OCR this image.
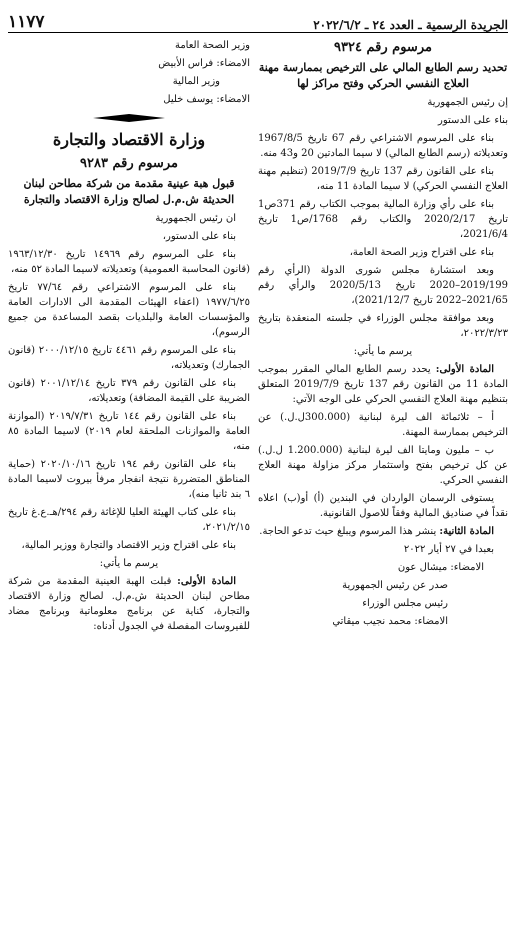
الجريدة الرسمية ـ العدد ٢٤ ـ ٢٠٢٢/٦/٢
١١٧٧

مرسوم رقم ٩٣٢٤

تحديد رسم الطابع المالي على الترخيص بممارسة مهنة العلاج النفسي الحركي وفتح مراكز لها

إن رئيس الجمهورية

بناء على الدستور

بناء على المرسوم الاشتراعي رقم 67 تاريخ 1967/8/5 وتعديلاته (رسم الطابع المالي) لا سيما المادتين 20 و43 منه.

بناء على القانون رقم 137 تاريخ 2019/7/9 (تنظيم مهنة العلاج النفسي الحركي) لا سيما المادة 11 منه،

بناء على رأي وزارة المالية بموجب الكتاب رقم 371ص1 تاريخ 2020/2/17 والكتاب رقم 1768/ص1 تاريخ 2021/6/4،

بناء على اقتراح وزير الصحة العامة،

وبعد استشارة مجلس شورى الدولة (الرأي رقم 2019/199–2020 تاريخ 2020/5/13 والرأي رقم 2021/65–2022 تاريخ 2021/12/7)،

وبعد موافقة مجلس الوزراء في جلسته المنعقدة بتاريخ ٢٠٢٢/٣/٢٣،

يرسم ما يأتي:

المادة الأولى: يحدد رسم الطابع المالي المقرر بموجب المادة 11 من القانون رقم 137 تاريخ 2019/7/9 المتعلق بتنظيم مهنة العلاج النفسي الحركي على الوجه الآتي:

أ – ثلاثمائة الف ليرة لبنانية (300.000ل.ل.) عن الترخيص بممارسة المهنة.

ب – مليون ومايتا الف ليرة لبنانية (1.200.000 ل.ل.) عن كل ترخيص بفتح واستثمار مركز مزاولة مهنة العلاج النفسي الحركي.

يستوفى الرسمان الواردان في البندين (أ) أو(ب) اعلاه نقداً في صناديق المالية وفقاً للاصول القانونية.

المادة الثانية: ينشر هذا المرسوم ويبلغ حيث تدعو الحاجة.

بعبدا في ٢٧ أيار ٢٠٢٢

الامضاء: ميشال عون

صدر عن رئيس الجمهورية

رئيس مجلس الوزراء

الامضاء: محمد نجيب ميقاتي

وزير الصحة العامة

الامضاء: فراس الأبيض

وزير المالية

الامضاء: يوسف خليل

وزارة الاقتصاد والتجارة

مرسوم رقم ٩٢٨٣

قبول هبة عينية مقدمة من شركة مطاحن لبنان الحديثة ش.م.ل لصالح وزارة الاقتصاد والتجارة

ان رئيس الجمهورية

بناء على الدستور،

بناء على المرسوم رقم ١٤٩٦٩ تاريخ ١٩٦٣/١٢/٣٠ (قانون المحاسبة العمومية) وتعديلاته لاسيما المادة ٥٢ منه،

بناء على المرسوم الاشتراعي رقم ٧٧/٦٤ تاريخ ١٩٧٧/٦/٢٥ (اعفاء الهيئات المقدمة الى الادارات العامة والمؤسسات العامة والبلديات بقصد المساعدة من جميع الرسوم)،

بناء على المرسوم رقم ٤٤٦١ تاريخ ٢٠٠٠/١٢/١٥ (قانون الجمارك) وتعديلاته،

بناء على القانون رقم ٣٧٩ تاريخ ٢٠٠١/١٢/١٤ (قانون الضريبة على القيمة المضافة) وتعديلاته،

بناء على القانون رقم ١٤٤ تاريخ ٢٠١٩/٧/٣١ (الموازنة العامة والموازنات الملحقة لعام ٢٠١٩) لاسيما المادة ٨٥ منه،

بناء على القانون رقم ١٩٤ تاريخ ٢٠٢٠/١٠/١٦ (حماية المناطق المتضررة نتيجة انفجار مرفأ بيروت لاسيما المادة ٦ بند ثانيا منه)،

بناء على كتاب الهيئة العليا للإغاثة رقم ٢٩٤/هـ.ع.غ تاريخ ٢٠٢١/٢/١٥،

بناء على اقتراح وزير الاقتصاد والتجارة ووزير المالية،

يرسم ما يأتي:

المادة الأولى: قبلت الهبة العينية المقدمة من شركة مطاحن لبنان الحديثة ش.م.ل. لصالح وزارة الاقتصاد والتجارة، كناية عن برنامج معلوماتية وبرنامج مضاد للفيروسات المفصلة في الجدول أدناه:
